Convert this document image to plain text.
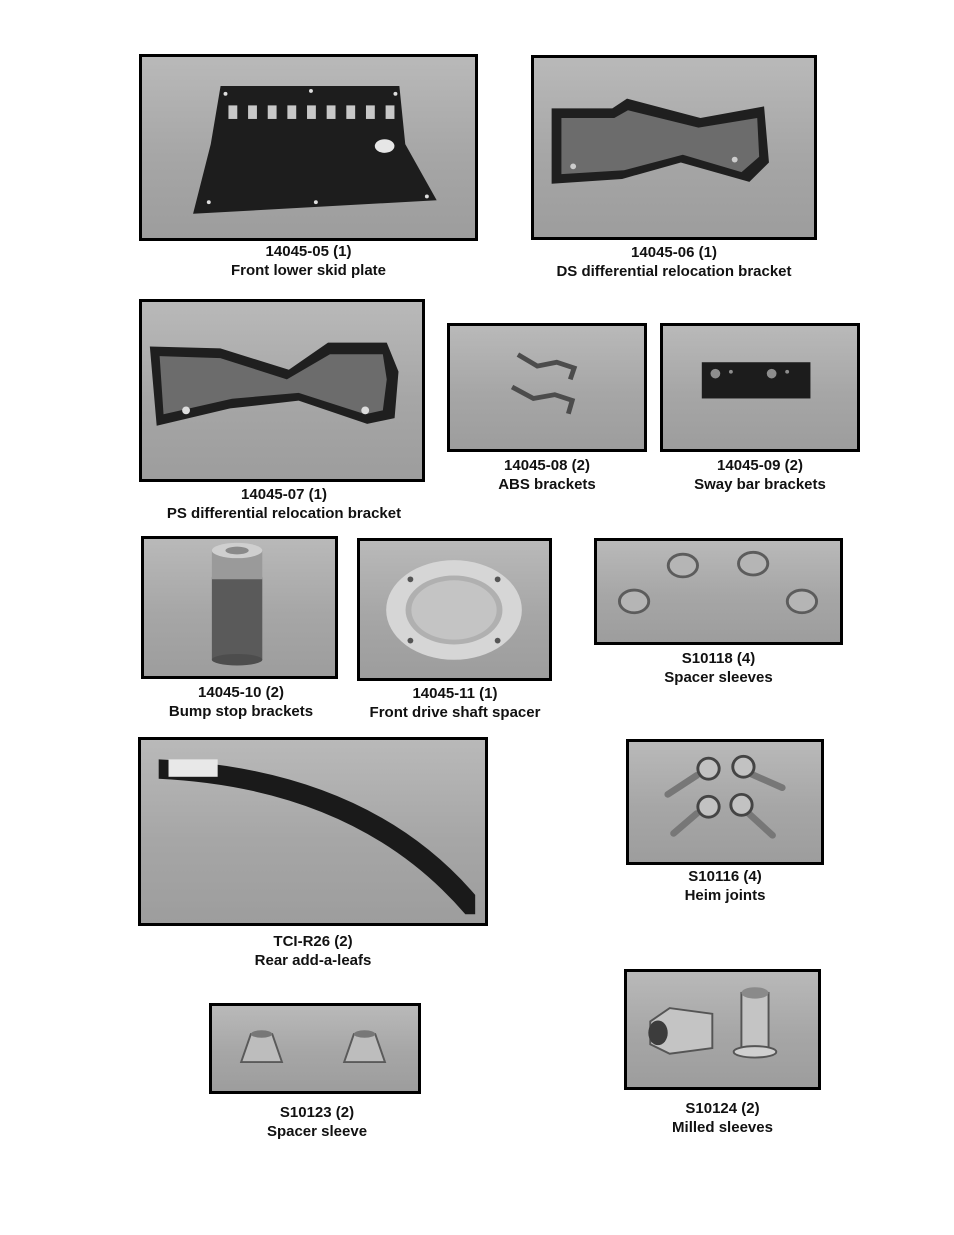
14045-05 (1)
Front lower skid plate
14045-06 (1)
DS differential relocation bracket
14045-07 (1)
PS differential relocation bracket
14045-08 (2)
ABS brackets
14045-09 (2)
Sway bar brackets
14045-10 (2)
Bump stop brackets
14045-11 (1)
Front drive shaft spacer
S10118 (4)
Spacer sleeves
TCI-R26 (2)
Rear add-a-leafs
S10116 (4)
Heim joints
S10123 (2)
Spacer sleeve
S10124 (2)
Milled sleeves
